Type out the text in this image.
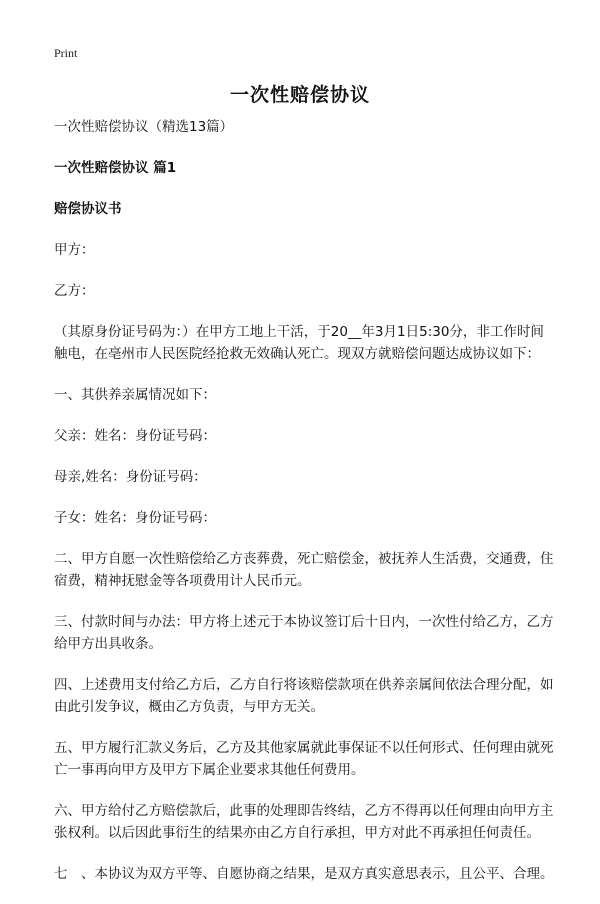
Print
一次性赔偿协议

一次性赔偿协议（精选13篇）

一次性赔偿协议 篇1

赔偿协议书

甲方：

乙方：

（其原身份证号码为：）在甲方工地上干活，于20__年3月1日5:30分，非工作时间触电，在亳州市人民医院经抢救无效确认死亡。现双方就赔偿问题达成协议如下：

一、其供养亲属情况如下：

父亲：姓名：身份证号码：

母亲,姓名：身份证号码：

子女：姓名：身份证号码：

二、甲方自愿一次性赔偿给乙方丧葬费，死亡赔偿金，被抚养人生活费，交通费，住宿费，精神抚慰金等各项费用计人民币元。

三、付款时间与办法：甲方将上述元于本协议签订后十日内，一次性付给乙方，乙方给甲方出具收条。

四、上述费用支付给乙方后，乙方自行将该赔偿款项在供养亲属间依法合理分配，如由此引发争议，概由乙方负责，与甲方无关。

五、甲方履行汇款义务后，乙方及其他家属就此事保证不以任何形式、任何理由就死亡一事再向甲方及甲方下属企业要求其他任何费用。

六、甲方给付乙方赔偿款后，此事的处理即告终结，乙方不得再以任何理由向甲方主张权利。以后因此事衍生的结果亦由乙方自行承担，甲方对此不再承担任何责任。

七　、本协议为双方平等、自愿协商之结果，是双方真实意思表示，且公平、合理。
